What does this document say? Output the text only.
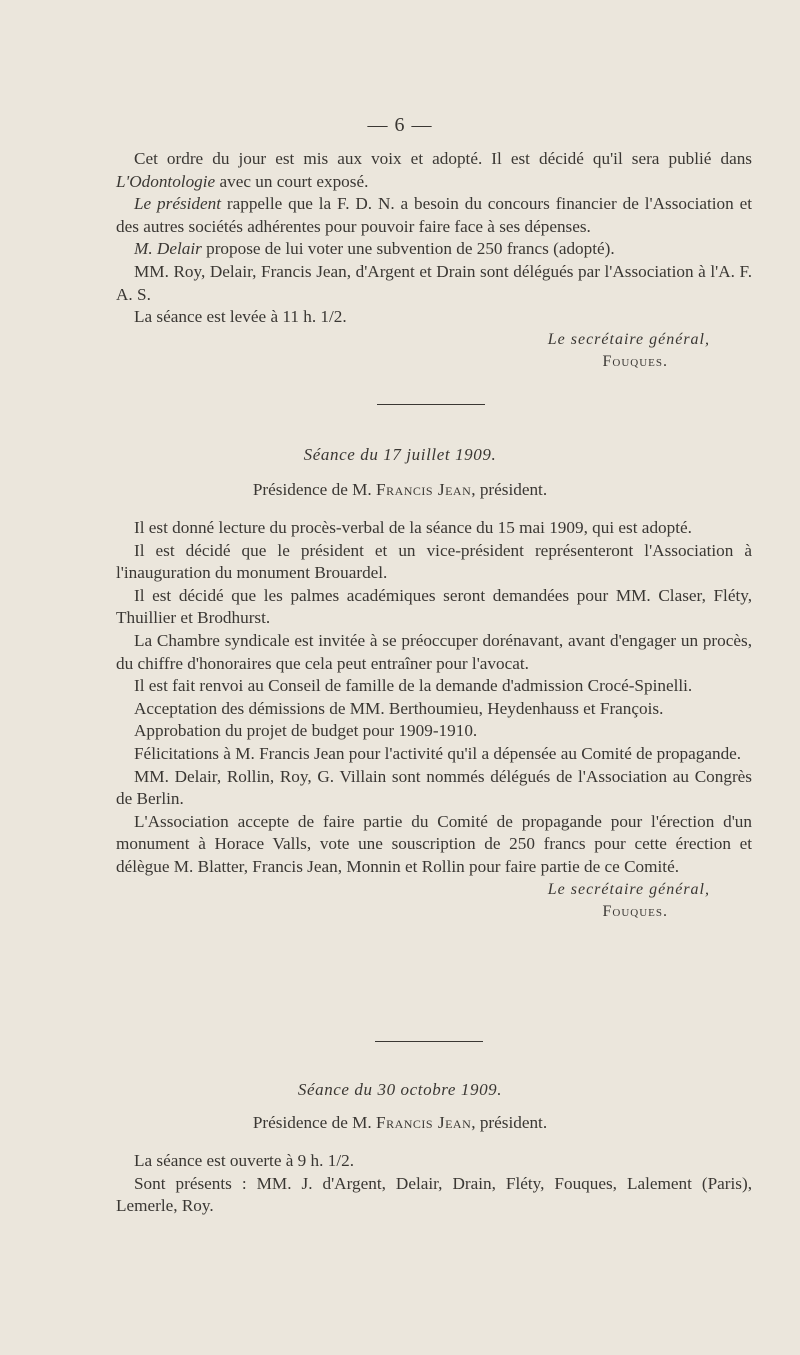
— 6 —

Cet ordre du jour est mis aux voix et adopté. Il est décidé qu'il sera publié dans L'Odontologie avec un court exposé.

Le président rappelle que la F. D. N. a besoin du concours financier de l'Association et des autres sociétés adhérentes pour pouvoir faire face à ses dépenses.

M. Delair propose de lui voter une subvention de 250 francs (adopté).

MM. Roy, Delair, Francis Jean, d'Argent et Drain sont délégués par l'Association à l'A. F. A. S.

La séance est levée à 11 h. 1/2.

Le secrétaire général,

Fouques.

Séance du 17 juillet 1909.

Présidence de M. Francis Jean, président.

Il est donné lecture du procès-verbal de la séance du 15 mai 1909, qui est adopté.

Il est décidé que le président et un vice-président représenteront l'Association à l'inauguration du monument Brouardel.

Il est décidé que les palmes académiques seront demandées pour MM. Claser, Fléty, Thuillier et Brodhurst.

La Chambre syndicale est invitée à se préoccuper dorénavant, avant d'engager un procès, du chiffre d'honoraires que cela peut entraîner pour l'avocat.

Il est fait renvoi au Conseil de famille de la demande d'admission Crocé-Spinelli.

Acceptation des démissions de MM. Berthoumieu, Heydenhauss et François.

Approbation du projet de budget pour 1909-1910.

Félicitations à M. Francis Jean pour l'activité qu'il a dépensée au Comité de propagande.

MM. Delair, Rollin, Roy, G. Villain sont nommés délégués de l'Association au Congrès de Berlin.

L'Association accepte de faire partie du Comité de propagande pour l'érection d'un monument à Horace Valls, vote une souscription de 250 francs pour cette érection et délègue M. Blatter, Francis Jean, Monnin et Rollin pour faire partie de ce Comité.

Le secrétaire général,

Fouques.

Séance du 30 octobre 1909.

Présidence de M. Francis Jean, président.

La séance est ouverte à 9 h. 1/2.

Sont présents : MM. J. d'Argent, Delair, Drain, Fléty, Fouques, Lalement (Paris), Lemerle, Roy.
